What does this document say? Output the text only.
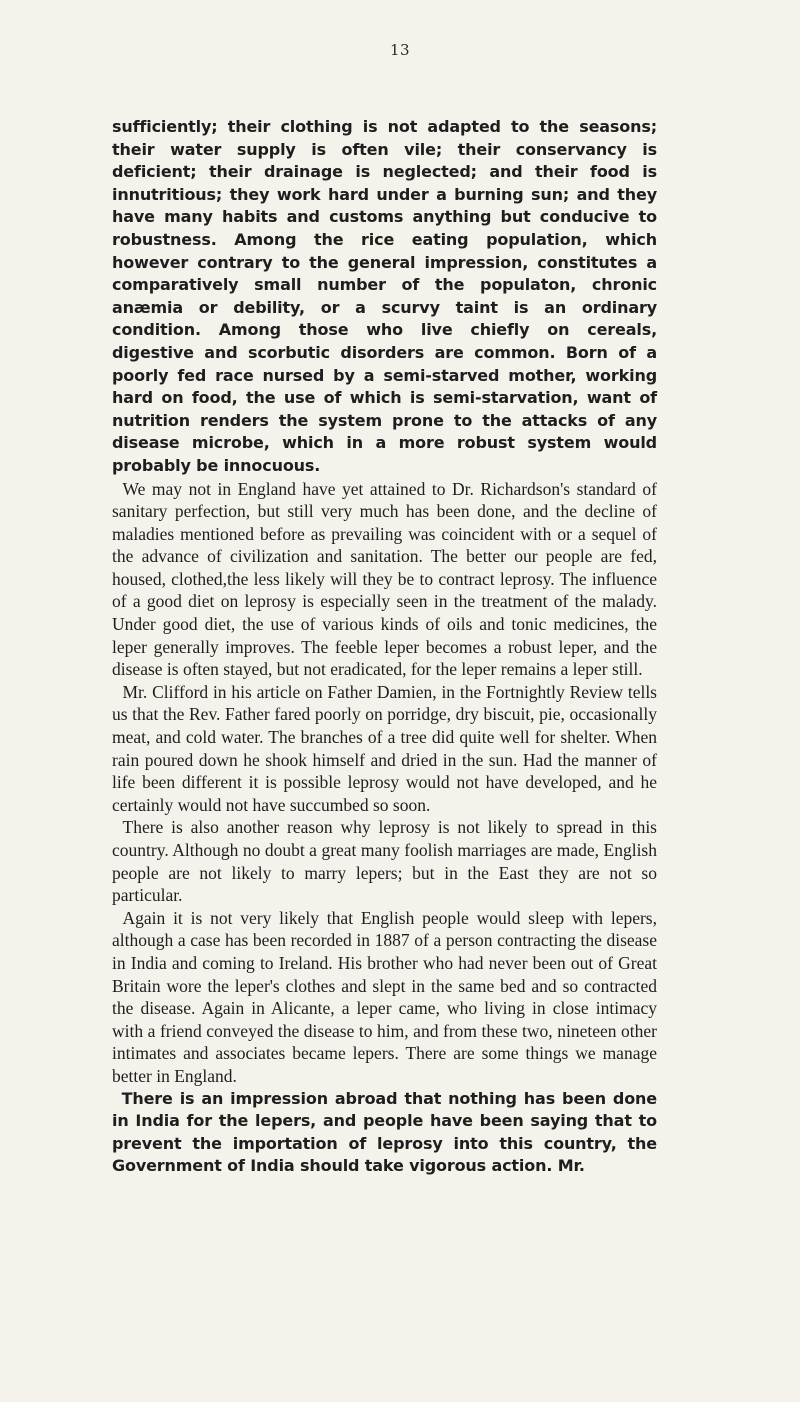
13

sufficiently; their clothing is not adapted to the seasons; their water supply is often vile; their conservancy is deficient; their drainage is neglected; and their food is innutritious; they work hard under a burning sun; and they have many habits and customs anything but conducive to robustness. Among the rice eating population, which however contrary to the general impression, constitutes a comparatively small number of the populaton, chronic anæmia or debility, or a scurvy taint is an ordinary condition. Among those who live chiefly on cereals, digestive and scorbutic disorders are common. Born of a poorly fed race nursed by a semi-starved mother, working hard on food, the use of which is semi-starvation, want of nutrition renders the system prone to the attacks of any disease microbe, which in a more robust system would probably be innocuous.

We may not in England have yet attained to Dr. Richardson's standard of sanitary perfection, but still very much has been done, and the decline of maladies mentioned before as prevailing was coincident with or a sequel of the advance of civilization and sanitation. The better our people are fed, housed, clothed,the less likely will they be to contract leprosy. The influence of a good diet on leprosy is especially seen in the treatment of the malady. Under good diet, the use of various kinds of oils and tonic medicines, the leper generally improves. The feeble leper becomes a robust leper, and the disease is often stayed, but not eradicated, for the leper remains a leper still.

Mr. Clifford in his article on Father Damien, in the Fortnightly Review tells us that the Rev. Father fared poorly on porridge, dry biscuit, pie, occasionally meat, and cold water. The branches of a tree did quite well for shelter. When rain poured down he shook himself and dried in the sun. Had the manner of life been different it is possible leprosy would not have developed, and he certainly would not have succumbed so soon.

There is also another reason why leprosy is not likely to spread in this country. Although no doubt a great many foolish marriages are made, English people are not likely to marry lepers; but in the East they are not so particular.

Again it is not very likely that English people would sleep with lepers, although a case has been recorded in 1887 of a person contracting the disease in India and coming to Ireland. His brother who had never been out of Great Britain wore the leper's clothes and slept in the same bed and so contracted the disease. Again in Alicante, a leper came, who living in close intimacy with a friend conveyed the disease to him, and from these two, nineteen other intimates and associates became lepers. There are some things we manage better in England.

There is an impression abroad that nothing has been done in India for the lepers, and people have been saying that to prevent the importation of leprosy into this country, the Government of India should take vigorous action. Mr.
